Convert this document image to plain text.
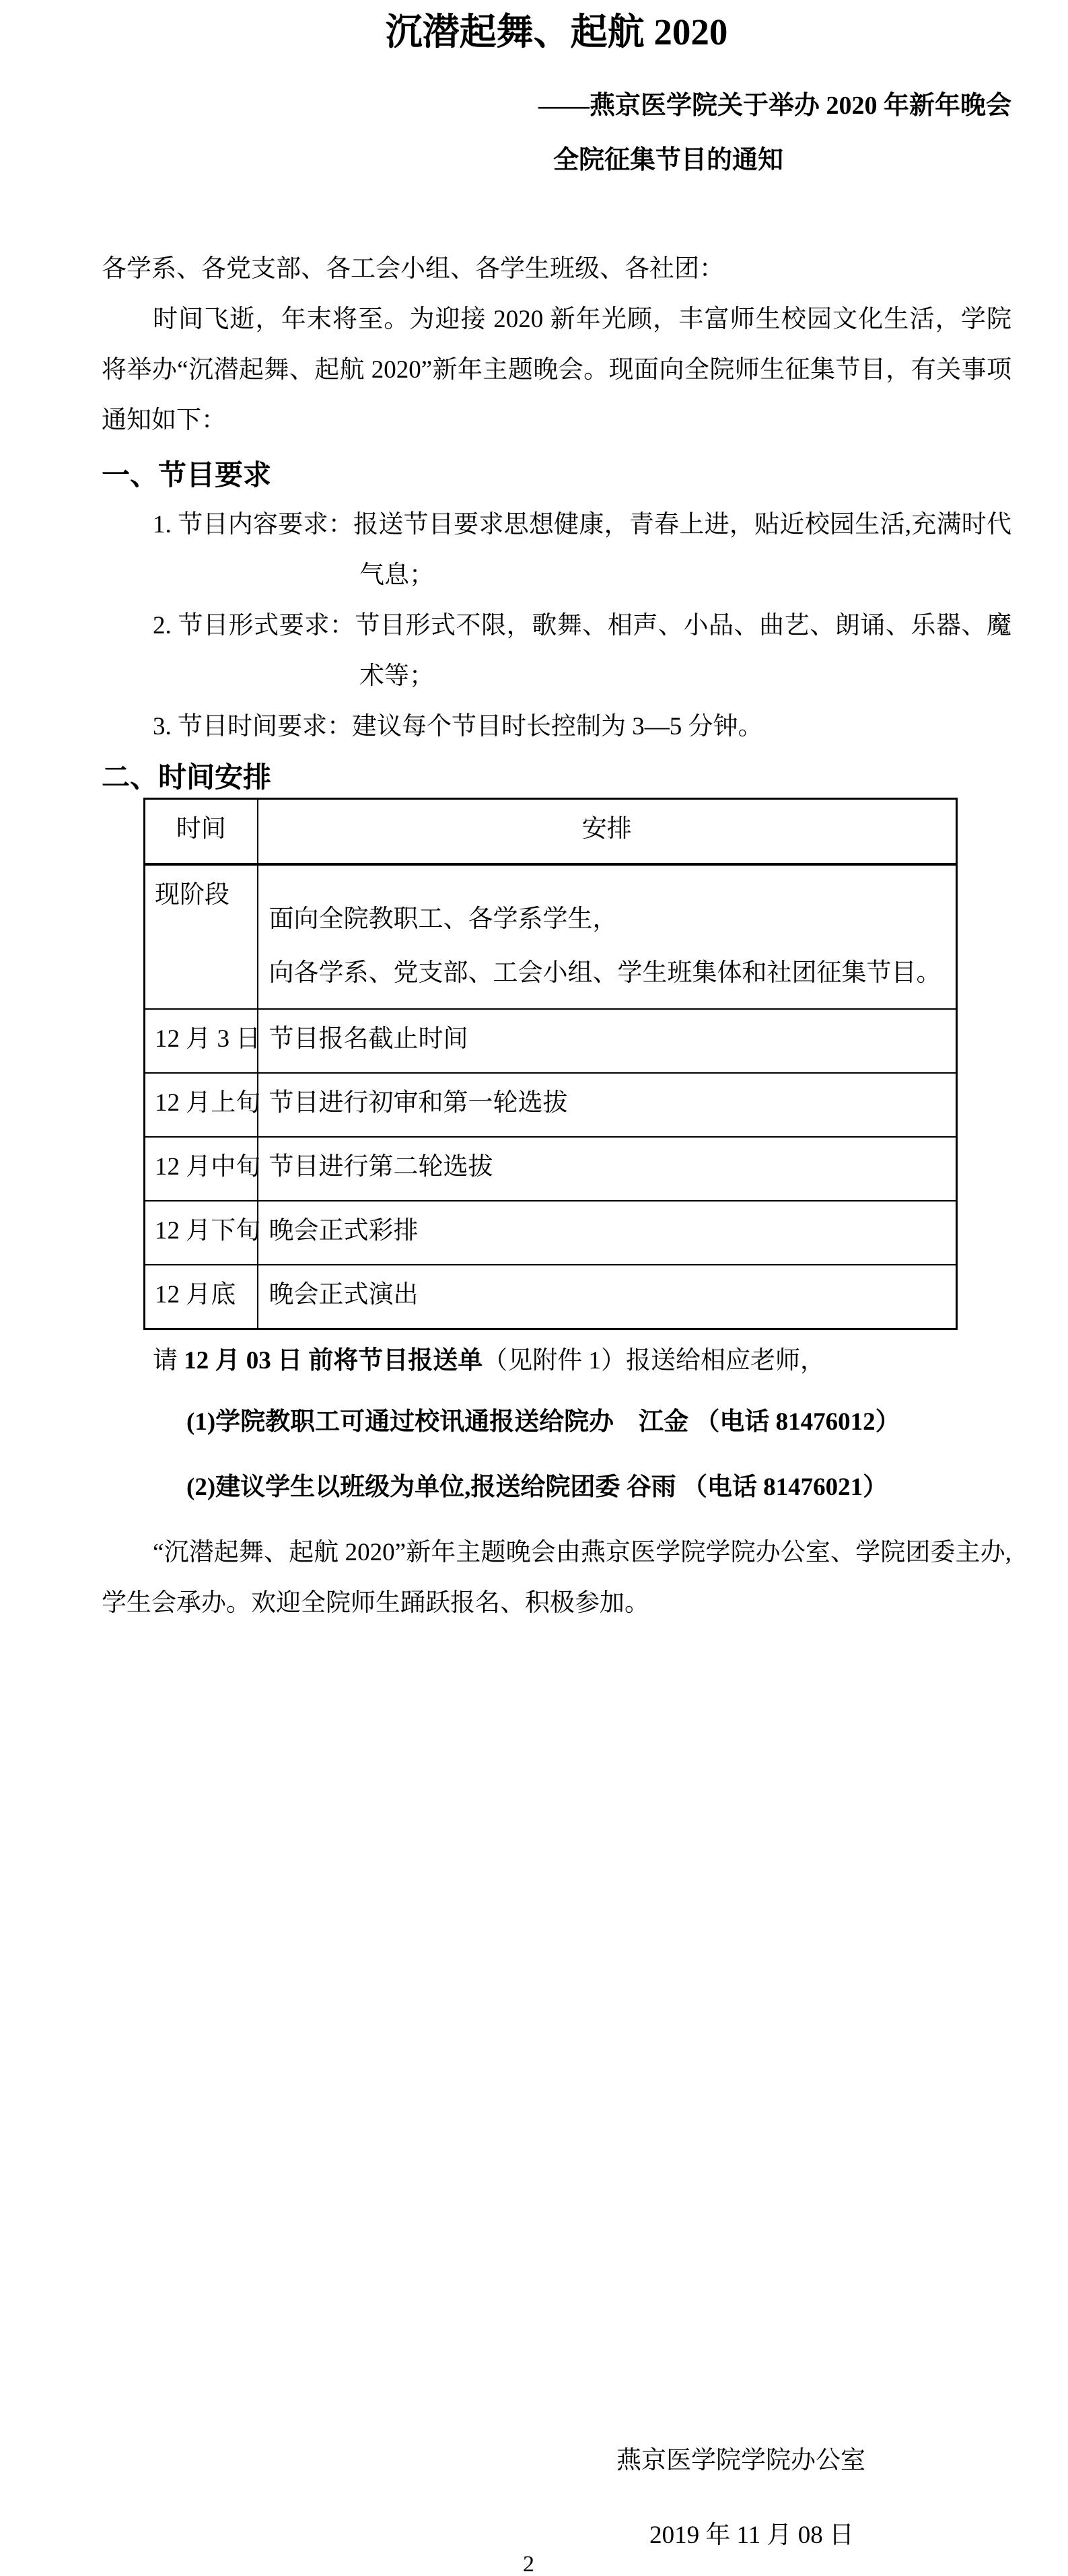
沉潜起舞、起航 2020
——燕京医学院关于举办 2020 年新年晚会
全院征集节目的通知
各学系、各党支部、各工会小组、各学生班级、各社团：
时间飞逝，年末将至。为迎接 2020 新年光顾，丰富师生校园文化生活，学院将举办“沉潜起舞、起航 2020”新年主题晚会。现面向全院师生征集节目，有关事项通知如下：
一、节目要求
1. 节目内容要求：报送节目要求思想健康，青春上进，贴近校园生活,充满时代气息；
2. 节目形式要求：节目形式不限，歌舞、相声、小品、曲艺、朗诵、乐器、魔术等；
3. 节目时间要求：建议每个节目时长控制为 3—5 分钟。
二、时间安排
时间	安排
现阶段	面向全院教职工、各学系学生，
向各学系、党支部、工会小组、学生班集体和社团征集节目。

12 月 3 日	节目报名截止时间
12 月上旬	节目进行初审和第一轮选拔
12 月中旬	节目进行第二轮选拔
12 月下旬	晚会正式彩排
12 月底	晚会正式演出
请 12 月 03 日 前将节目报送单（见附件 1）报送给相应老师，
(1)学院教职工可通过校讯通报送给院办　江金 （电话 81476012）
(2)建议学生以班级为单位,报送给院团委 谷雨 （电话 81476021）
“沉潜起舞、起航 2020”新年主题晚会由燕京医学院学院办公室、学院团委主办,学生会承办。欢迎全院师生踊跃报名、积极参加。
燕京医学院学院办公室
2019 年 11 月 08 日
2
